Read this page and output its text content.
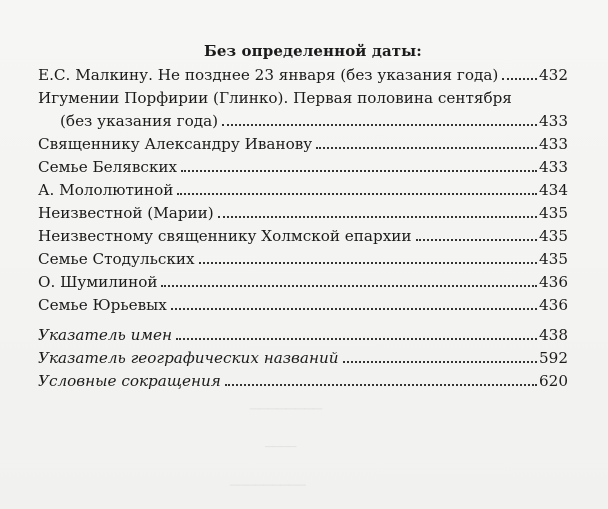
────────
────
─────────
Без определенной даты:
Е.С. Малкину. Не позднее 23 января (без указания года)	432
Игумении Порфирии (Глинко). Первая половина сентября
(без указания года)	433
Священнику Александру Иванову	433
Семье Белявских	433
А. Мололютиной	434
Неизвестной (Марии)	435
Неизвестному священнику Холмской епархии	435
Семье Стодульских	435
О. Шумилиной	436
Семье Юрьевых	436
Указатель имен	438
Указатель географических названий	592
Условные сокращения	620
